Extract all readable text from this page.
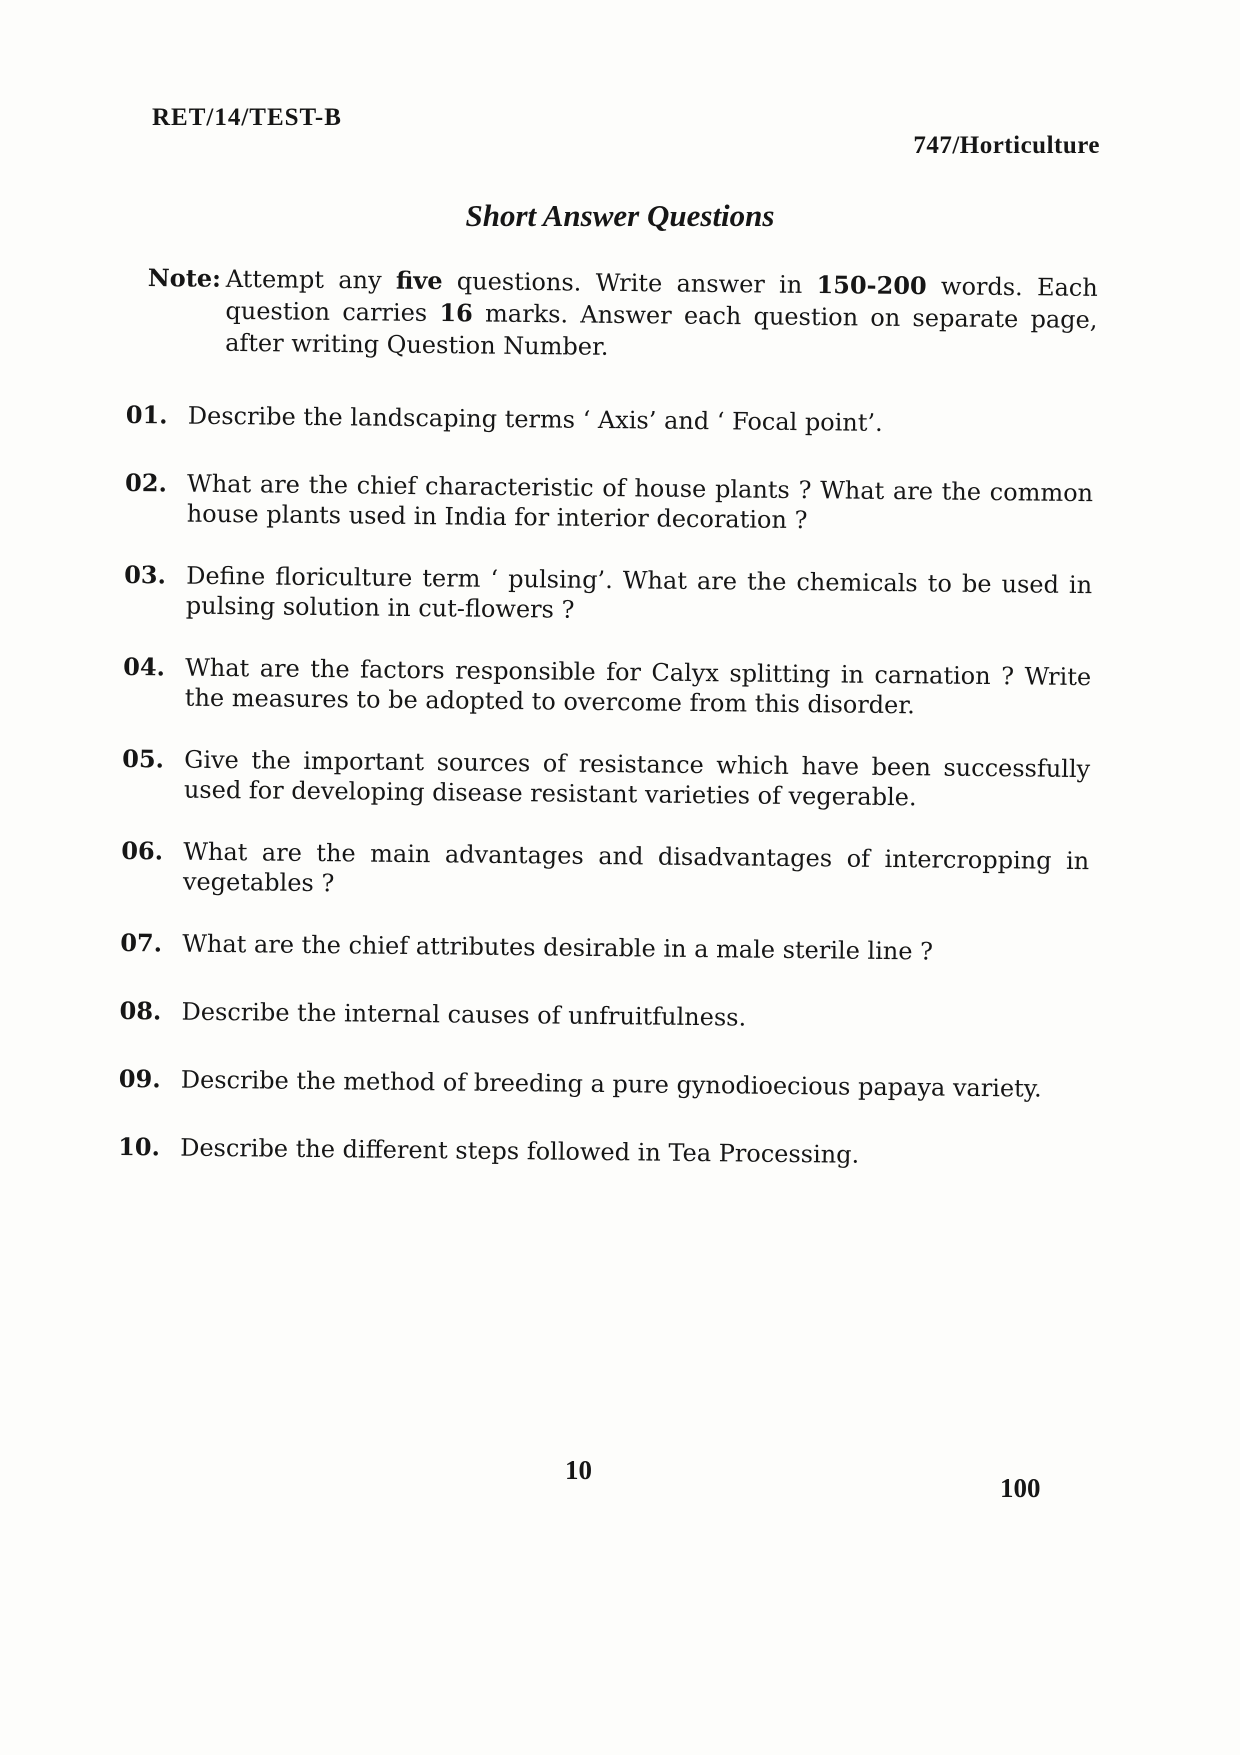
RET/14/TEST-B
747/Horticulture
Short Answer Questions
Note: Attempt any five questions. Write answer in 150-200 words. Each question carries 16 marks. Answer each question on separate page, after writing Question Number.
01. Describe the landscaping terms ‘ Axis’ and ‘ Focal point’.
02. What are the chief characteristic of house plants ? What are the common house plants used in India for interior decoration ?
03. Define floriculture term ‘ pulsing’. What are the chemicals to be used in pulsing solution in cut-flowers ?
04. What are the factors responsible for Calyx splitting in carnation ? Write the measures to be adopted to overcome from this disorder.
05. Give the important sources of resistance which have been successfully used for developing disease resistant varieties of vegerable.
06. What are the main advantages and disadvantages of intercropping in vegetables ?
07. What are the chief attributes desirable in a male sterile line ?
08. Describe the internal causes of unfruitfulness.
09. Describe the method of breeding a pure gynodioecious papaya variety.
10. Describe the different steps followed in Tea Processing.
10
100
